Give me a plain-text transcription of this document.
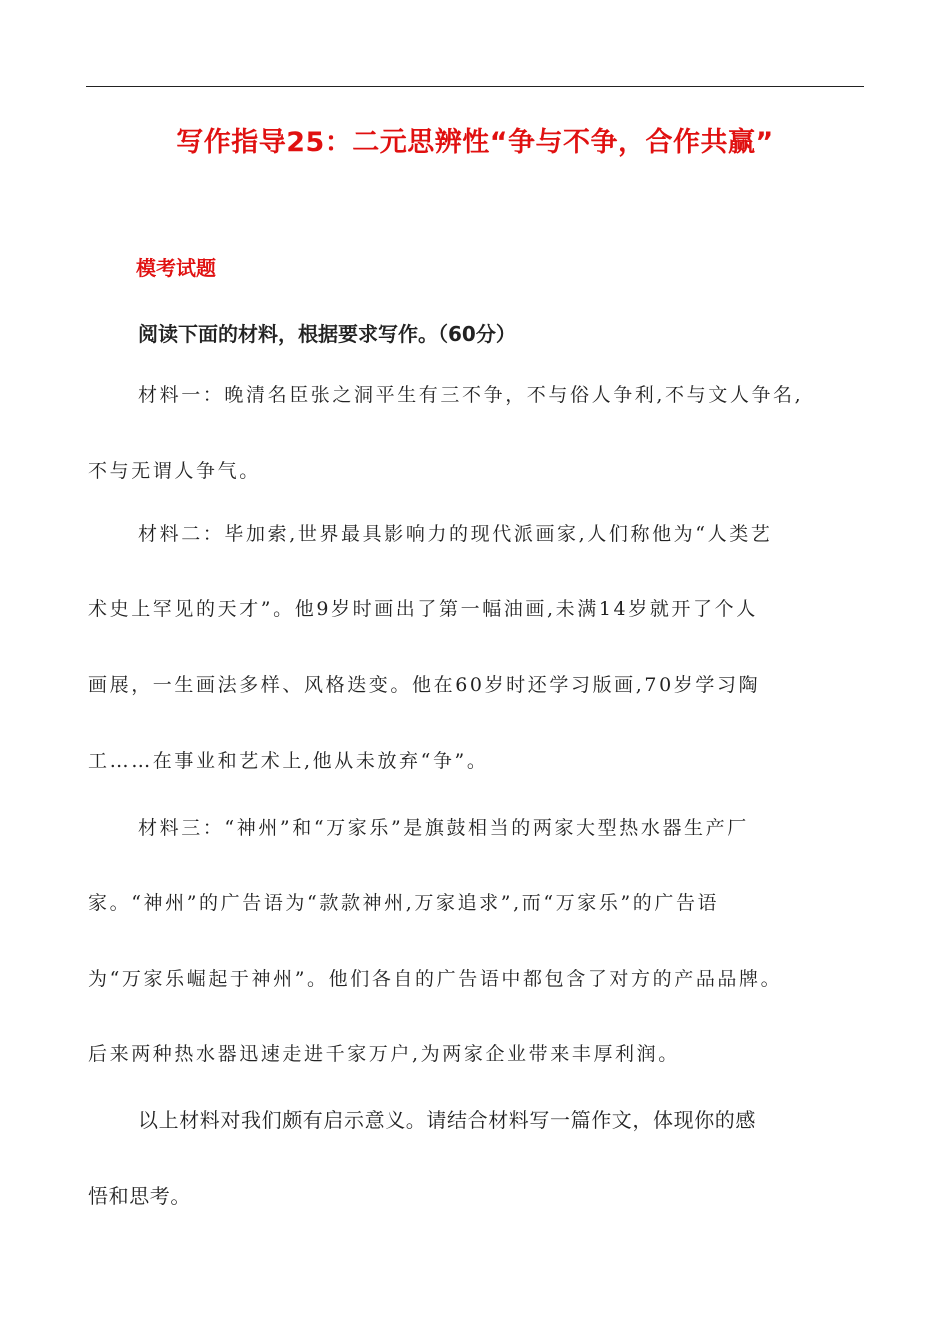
写作指导25：二元思辨性“争与不争，合作共赢”
模考试题
阅读下面的材料，根据要求写作。（60分）
材料一：晚清名臣张之洞平生有三不争，不与俗人争利,不与文人争名,
不与无谓人争气。
材料二：毕加索,世界最具影响力的现代派画家,人们称他为“人类艺
术史上罕见的天才”。他9岁时画出了第一幅油画,未满14岁就开了个人
画展，一生画法多样、风格迭变。他在60岁时还学习版画,70岁学习陶
工……在事业和艺术上,他从未放弃“争”。
材料三：“神州”和“万家乐”是旗鼓相当的两家大型热水器生产厂
家。“神州”的广告语为“款款神州,万家追求”,而“万家乐”的广告语
为“万家乐崛起于神州”。他们各自的广告语中都包含了对方的产品品牌。
后来两种热水器迅速走进千家万户,为两家企业带来丰厚利润。
以上材料对我们颇有启示意义。请结合材料写一篇作文，体现你的感
悟和思考。
